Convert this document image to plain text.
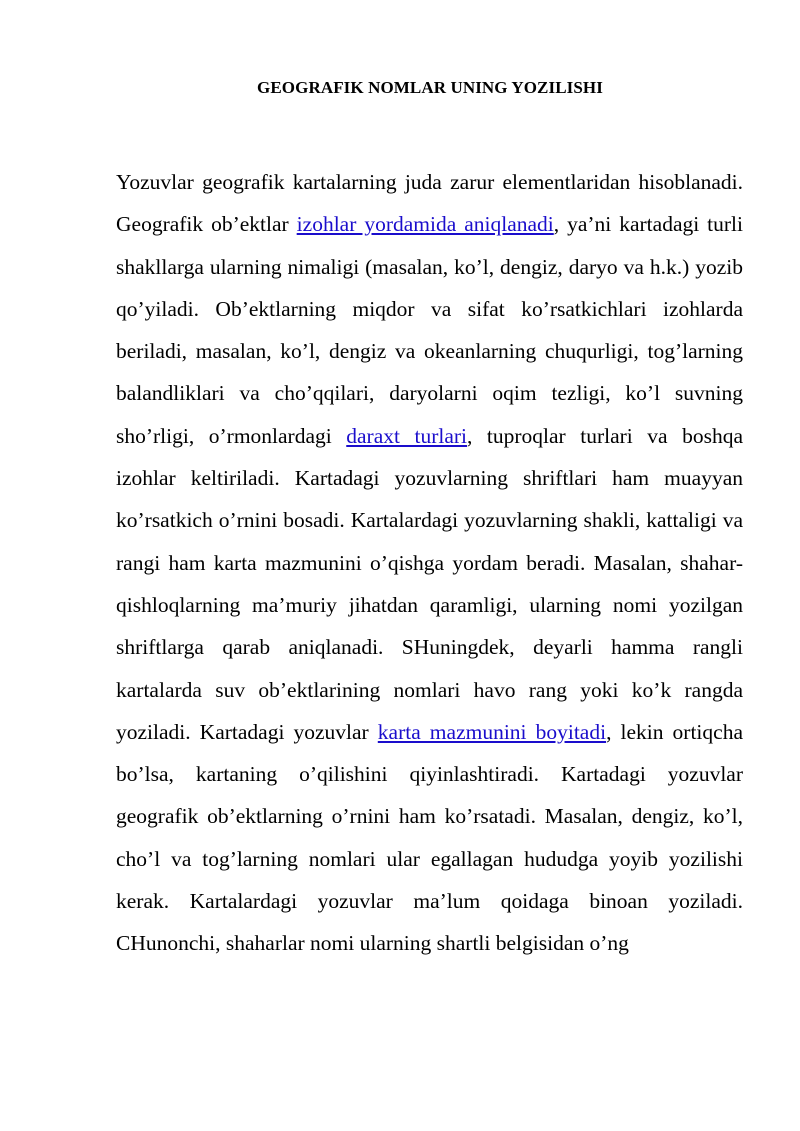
GEOGRAFIK NOMLAR UNING YOZILISHI

Yozuvlar geografik kartalarning juda zarur elementlaridan hisoblanadi. Geografik ob’ektlar izohlar yordamida aniqlanadi, ya’ni kartadagi turli shakllarga ularning nimaligi (masalan, ko’l, dengiz, daryo va h.k.) yozib qo’yiladi. Ob’ektlarning miqdor va sifat ko’rsatkichlari izohlarda beriladi, masalan, ko’l, dengiz va okeanlarning chuqurligi, tog’larning balandliklari va cho’qqilari, daryolarni oqim tezligi, ko’l suvning sho’rligi, o’rmonlardagi daraxt turlari, tuproqlar turlari va boshqa izohlar keltiriladi. Kartadagi yozuvlarning shriftlari ham muayyan ko’rsatkich o’rnini bosadi. Kartalardagi yozuvlarning shakli, kattaligi va rangi ham karta mazmunini o’qishga yordam beradi. Masalan, shahar-qishloqlarning ma’muriy jihatdan qaramligi, ularning nomi yozilgan shriftlarga qarab aniqlanadi. SHuningdek, deyarli hamma rangli kartalarda suv ob’ektlarining nomlari havo rang yoki ko’k rangda yoziladi. Kartadagi yozuvlar karta mazmunini boyitadi, lekin ortiqcha bo’lsa, kartaning o’qilishini qiyinlashtiradi. Kartadagi yozuvlar geografik ob’ektlarning o’rnini ham ko’rsatadi. Masalan, dengiz, ko’l, cho’l va tog’larning nomlari ular egallagan hududga yoyib yozilishi kerak. Kartalardagi yozuvlar ma’lum qoidaga binoan yoziladi. CHunonchi, shaharlar nomi ularning shartli belgisidan o’ng
